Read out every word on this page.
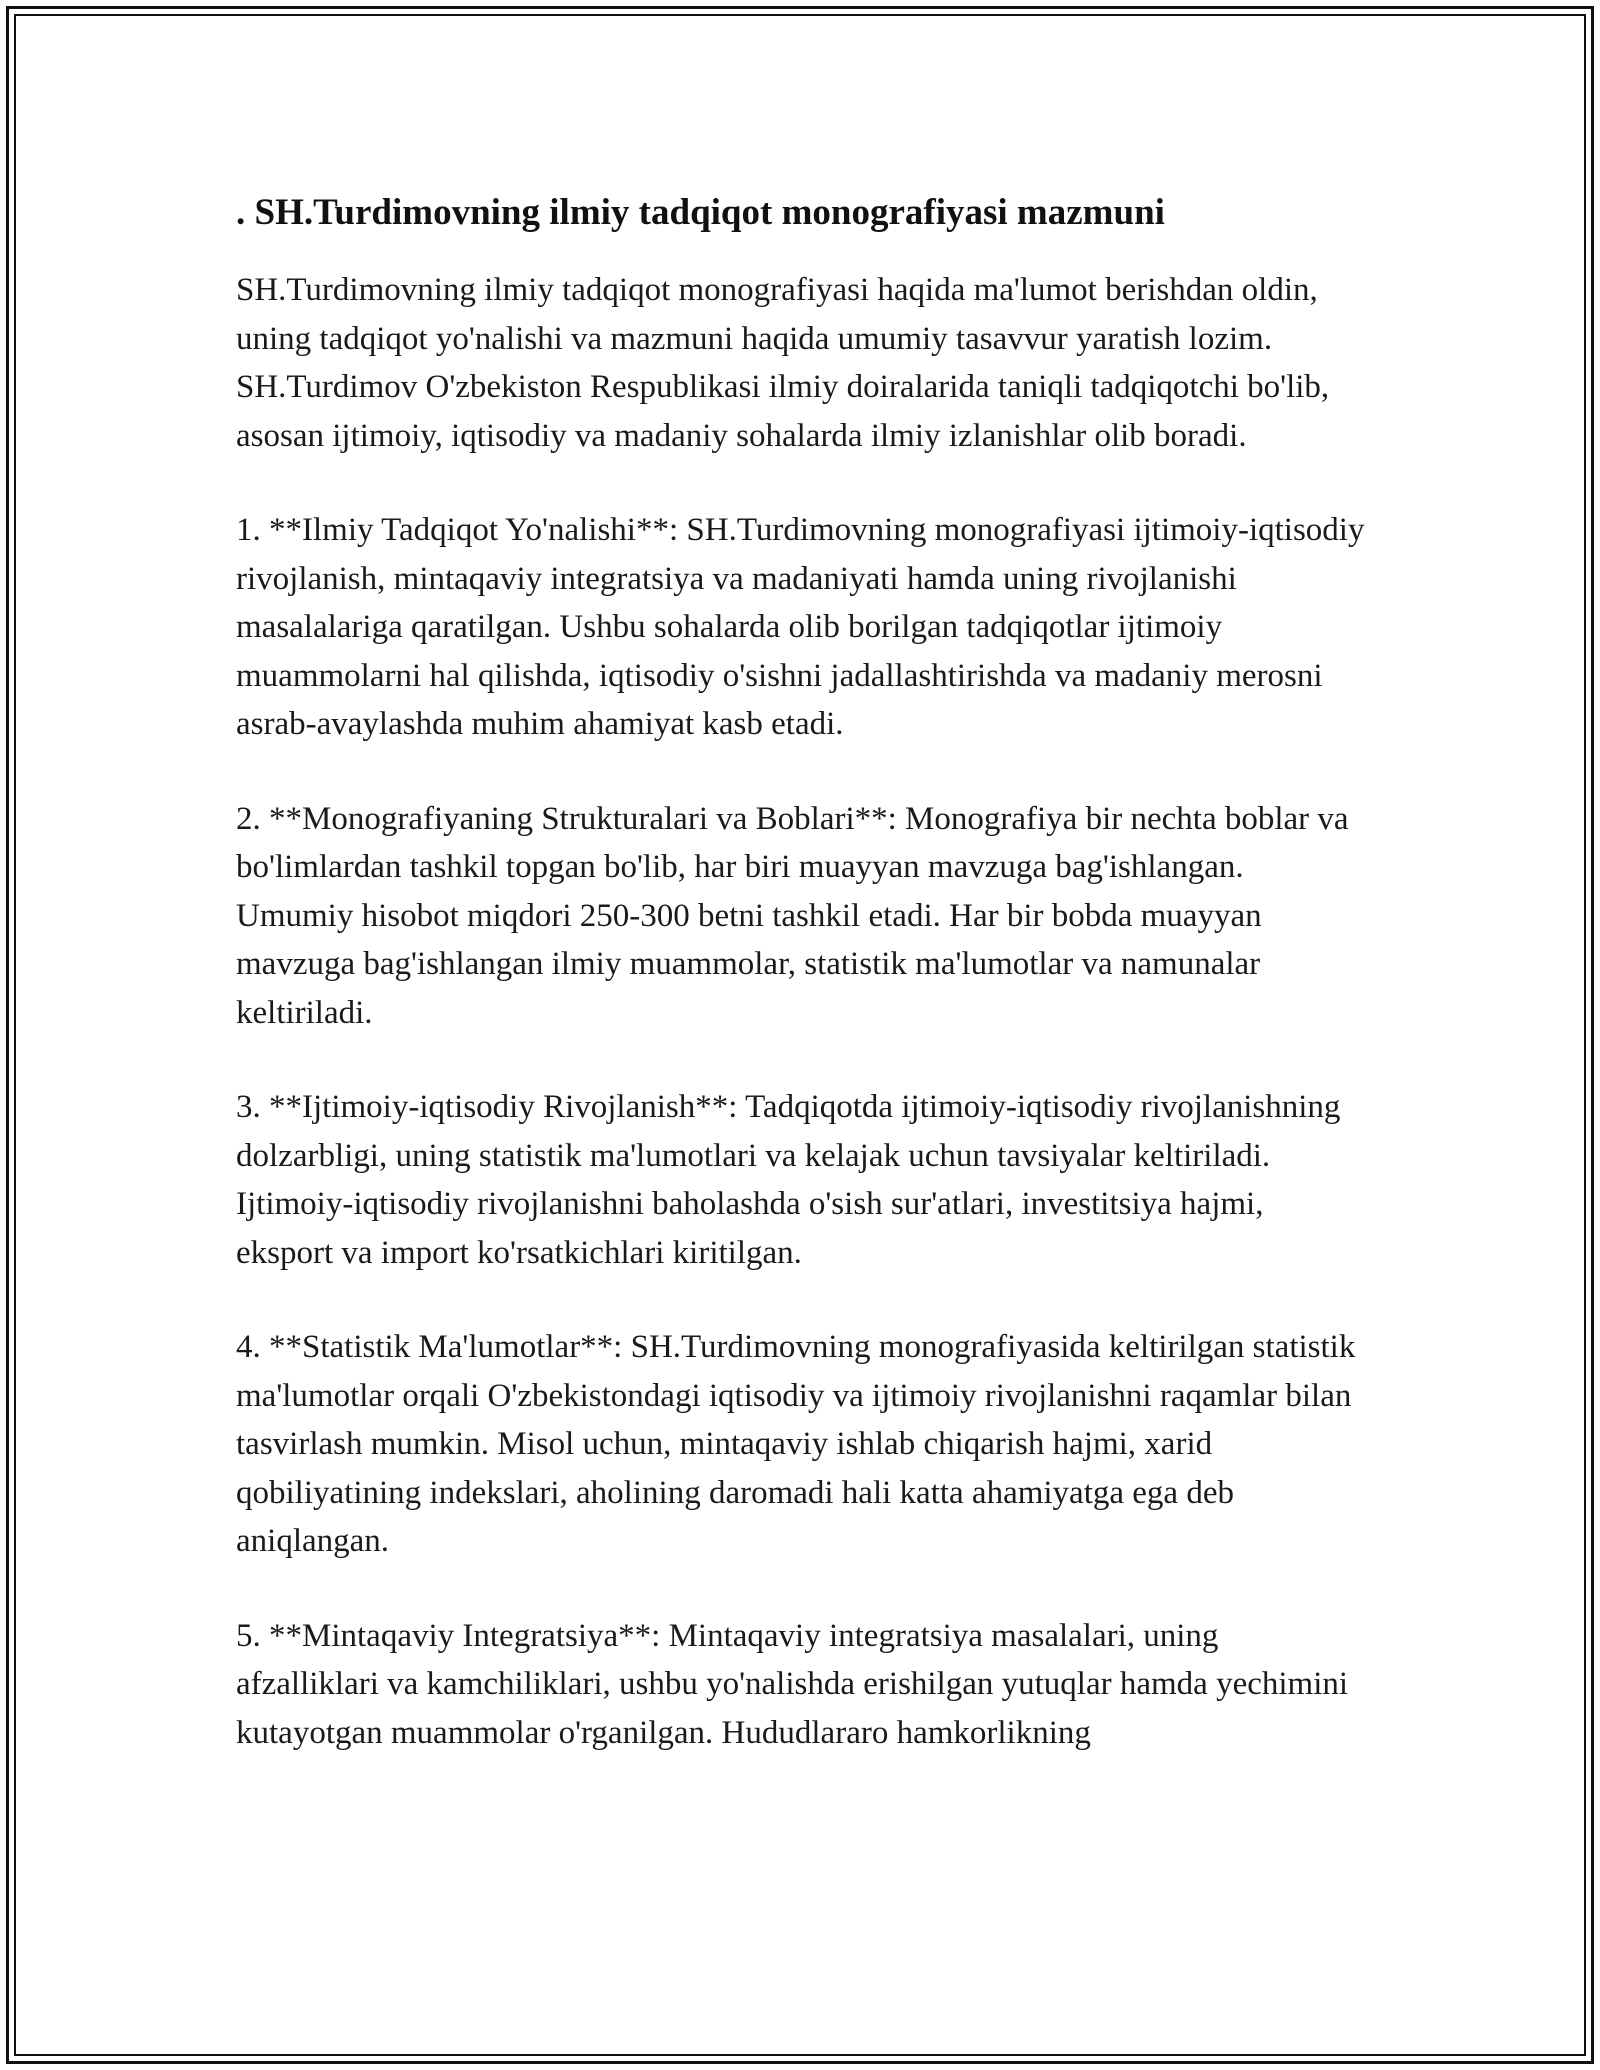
. SH.Turdimovning ilmiy tadqiqot monografiyasi mazmuni

SH.Turdimovning ilmiy tadqiqot monografiyasi haqida ma'lumot berishdan oldin, uning tadqiqot yo'nalishi va mazmuni haqida umumiy tasavvur yaratish lozim. SH.Turdimov O'zbekiston Respublikasi ilmiy doiralarida taniqli tadqiqotchi bo'lib, asosan ijtimoiy, iqtisodiy va madaniy sohalarda ilmiy izlanishlar olib boradi.

1. **Ilmiy Tadqiqot Yo'nalishi**: SH.Turdimovning monografiyasi ijtimoiy-iqtisodiy rivojlanish, mintaqaviy integratsiya va madaniyati hamda uning rivojlanishi masalalariga qaratilgan. Ushbu sohalarda olib borilgan tadqiqotlar ijtimoiy muammolarni hal qilishda, iqtisodiy o'sishni jadallashtirishda va madaniy merosni asrab-avaylashda muhim ahamiyat kasb etadi.

2. **Monografiyaning Strukturalari va Boblari**: Monografiya bir nechta boblar va bo'limlardan tashkil topgan bo'lib, har biri muayyan mavzuga bag'ishlangan. Umumiy hisobot miqdori 250-300 betni tashkil etadi. Har bir bobda muayyan mavzuga bag'ishlangan ilmiy muammolar, statistik ma'lumotlar va namunalar keltiriladi.

3. **Ijtimoiy-iqtisodiy Rivojlanish**: Tadqiqotda ijtimoiy-iqtisodiy rivojlanishning dolzarbligi, uning statistik ma'lumotlari va kelajak uchun tavsiyalar keltiriladi. Ijtimoiy-iqtisodiy rivojlanishni baholashda o'sish sur'atlari, investitsiya hajmi, eksport va import ko'rsatkichlari kiritilgan.

4. **Statistik Ma'lumotlar**: SH.Turdimovning monografiyasida keltirilgan statistik ma'lumotlar orqali O'zbekistondagi iqtisodiy va ijtimoiy rivojlanishni raqamlar bilan tasvirlash mumkin. Misol uchun, mintaqaviy ishlab chiqarish hajmi, xarid qobiliyatining indekslari, aholining daromadi hali katta ahamiyatga ega deb aniqlangan.

5. **Mintaqaviy Integratsiya**: Mintaqaviy integratsiya masalalari, uning afzalliklari va kamchiliklari, ushbu yo'nalishda erishilgan yutuqlar hamda yechimini kutayotgan muammolar o'rganilgan. Hududlararo hamkorlikning
